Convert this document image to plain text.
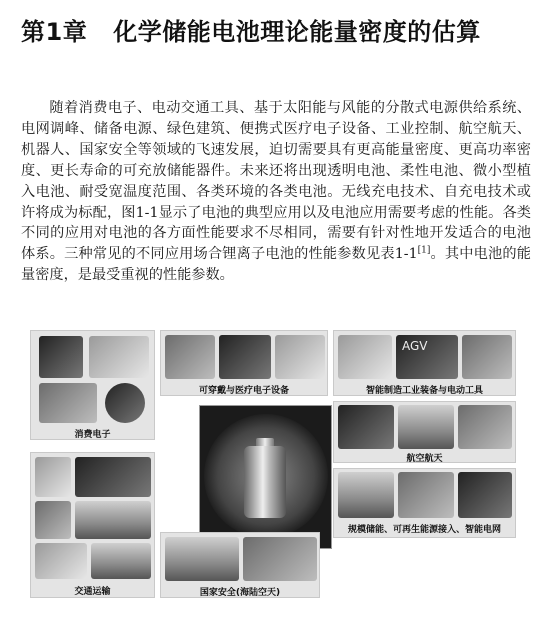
第1章 化学储能电池理论能量密度的估算

随着消费电子、电动交通工具、基于太阳能与风能的分散式电源供给系统、电网调峰、储备电源、绿色建筑、便携式医疗电子设备、工业控制、航空航天、机器人、国家安全等领域的飞速发展，迫切需要具有更高能量密度、更高功率密度、更长寿命的可充放储能器件。未来还将出现透明电池、柔性电池、微小型植入电池、耐受宽温度范围、各类环境的各类电池。无线充电技术、自充电技术或许将成为标配，图1-1显示了电池的典型应用以及电池应用需要考虑的性能。各类不同的应用对电池的各方面性能要求不尽相同，需要有针对性地开发适合的电池体系。三种常见的不同应用场合锂离子电池的性能参数见表1-1[1]。其中电池的能量密度，是最受重视的性能参数。

消费电子
可穿戴与医疗电子设备
AGV
智能制造工业装备与电动工具
航空航天
交通运输	国家安全(海陆空天)
规模储能、可再生能源接入、智能电网
